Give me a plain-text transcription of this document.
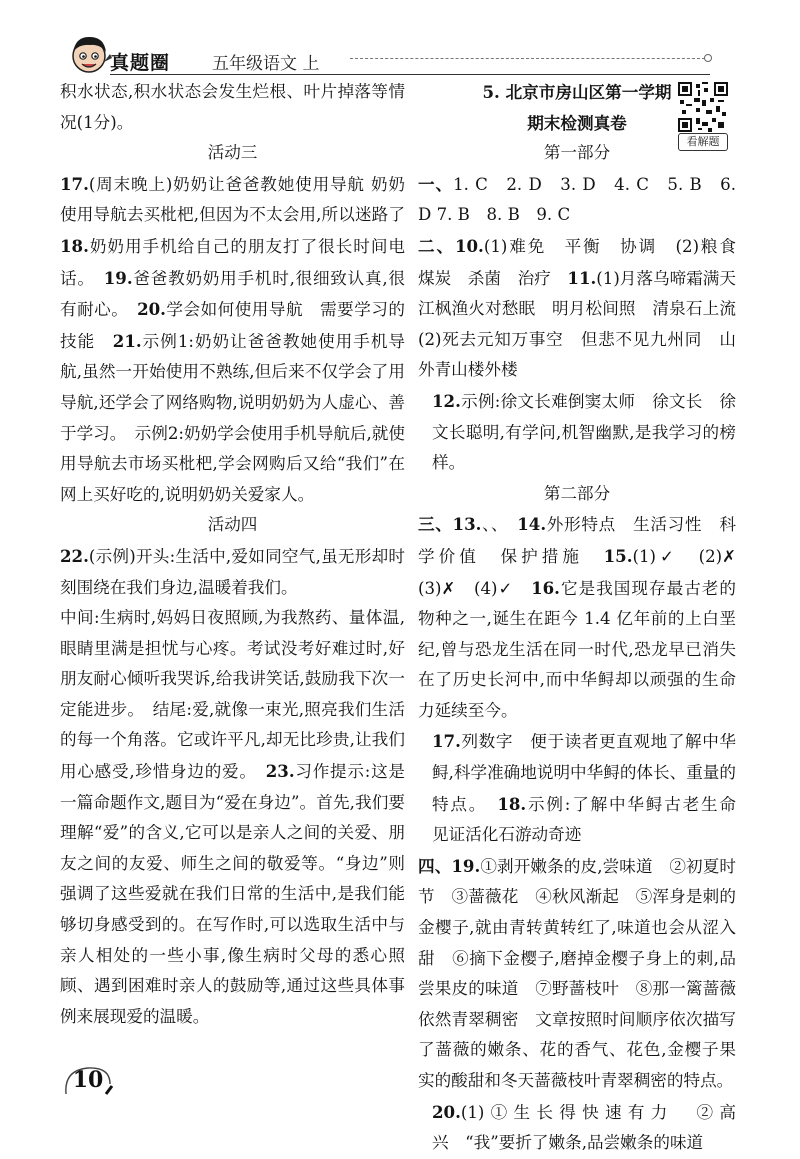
真题圈 五年级语文 上

积水状态,积水状态会发生烂根、叶片掉落等情况(1分)。

活动三

17.(周末晚上)奶奶让爸爸教她使用导航 奶奶使用导航去买枇杷,但因为不太会用,所以迷路了　18.奶奶用手机给自己的朋友打了很长时间电话。　 19.爸爸教奶奶用手机时,很细致认真,很有耐心。　 20.学会如何使用导航　需要学习的技能　 21.示例1:奶奶让爸爸教她使用手机导航,虽然一开始使用不熟练,但后来不仅学会了用导航,还学会了网络购物,说明奶奶为人虚心、善于学习。　示例2:奶奶学会使用手机导航后,就使用导航去市场买枇杷,学会网购后又给“我们”在网上买好吃的,说明奶奶关爱家人。

活动四

22.(示例)开头:生活中,爱如同空气,虽无形却时刻围绕在我们身边,温暖着我们。

中间:生病时,妈妈日夜照顾,为我熬药、量体温,眼睛里满是担忧与心疼。考试没考好难过时,好朋友耐心倾听我哭诉,给我讲笑话,鼓励我下次一定能进步。　结尾:爱,就像一束光,照亮我们生活的每一个角落。它或许平凡,却无比珍贵,让我们用心感受,珍惜身边的爱。　 23.习作提示:这是一篇命题作文,题目为“爱在身边”。首先,我们要理解“爱”的含义,它可以是亲人之间的关爱、朋友之间的友爱、师生之间的敬爱等。“身边”则强调了这些爱就在我们日常的生活中,是我们能够切身感受到的。在写作时,可以选取生活中与亲人相处的一些小事,像生病时父母的悉心照顾、遇到困难时亲人的鼓励等,通过这些具体事例来展现爱的温暖。

看解题

5. 北京市房山区第一学期

期末检测真卷

第一部分

一、1. C　2. D　3. D　4. C　5. B　6. D 7. B　8. B　9. C

二、10.(1)难免　平衡　协调　(2)粮食　煤炭　杀菌　治疗　 11.(1)月落乌啼霜满天　江枫渔火对愁眠　明月松间照　清泉石上流　(2)死去元知万事空　但悲不见九州同　山外青山楼外楼

12.示例:徐文长难倒窦太师　徐文长　徐文长聪明,有学问,机智幽默,是我学习的榜样。

第二部分

三、13.、、　 14.外形特点　生活习性　科学价值　保护措施　 15.(1)✓　(2)✗　(3)✗　(4)✓　 16.它是我国现存最古老的物种之一,诞生在距今 1.4 亿年前的上白垩纪,曾与恐龙生活在同一时代,恐龙早已消失在了历史长河中,而中华鲟却以顽强的生命力延续至今。

17.列数字　便于读者更直观地了解中华鲟,科学准确地说明中华鲟的体长、重量的特点。　 18.示例:了解中华鲟古老生命　见证活化石游动奇迹

四、19.①剥开嫩条的皮,尝味道　②初夏时节　③蔷薇花　④秋风渐起　⑤浑身是刺的金樱子,就由青转黄转红了,味道也会从涩入甜　⑥摘下金樱子,磨掉金樱子身上的刺,品尝果皮的味道　⑦野蔷枝叶　⑧那一篱蔷薇依然青翠稠密　文章按照时间顺序依次描写了蔷薇的嫩条、花的香气、花色,金樱子果实的酸甜和冬天蔷薇枝叶青翠稠密的特点。

20.(1)①生长得快速有力　②高兴　“我”要折了嫩条,品尝嫩条的味道

10
